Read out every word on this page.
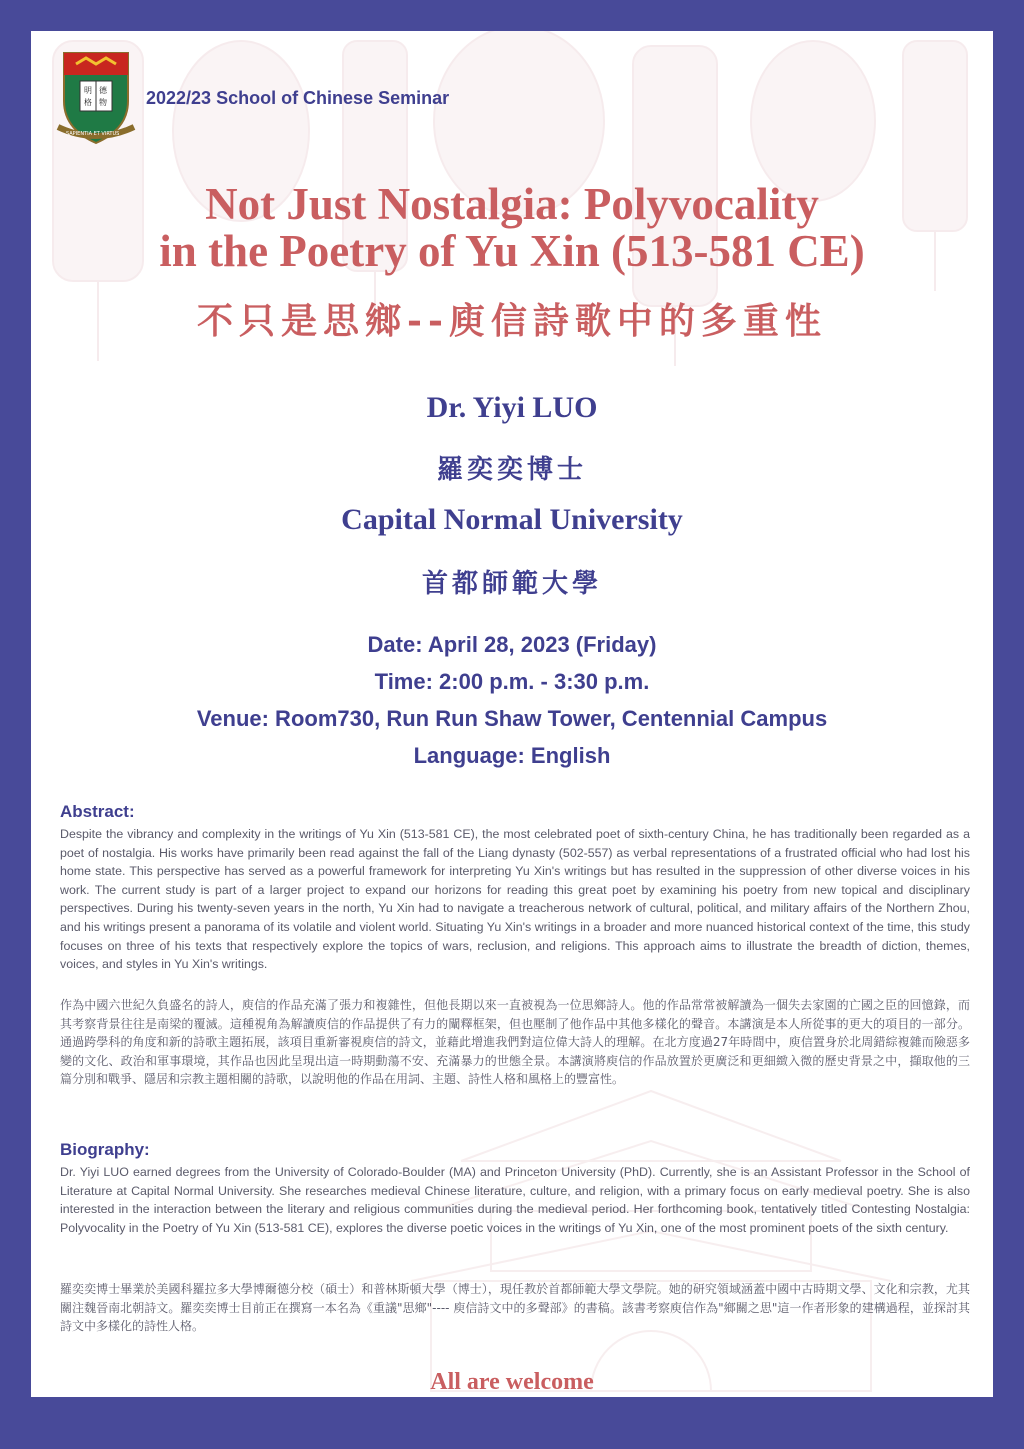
明 德
格 物
SAPIENTIA ET VIRTUS
2022/23 School of Chinese Seminar
Not Just Nostalgia: Polyvocality
in the Poetry of Yu Xin (513-581 CE)
不只是思鄉--庾信詩歌中的多重性
Dr. Yiyi LUO
羅奕奕博士
Capital Normal University
首都師範大學
Date: April 28, 2023 (Friday)
Time: 2:00 p.m. - 3:30 p.m.
Venue: Room730, Run Run Shaw Tower, Centennial Campus
Language: English
Abstract:

Despite the vibrancy and complexity in the writings of Yu Xin (513-581 CE), the most celebrated poet of sixth-century China, he has traditionally been regarded as a poet of nostalgia. His works have primarily been read against the fall of the Liang dynasty (502-557) as verbal representations of a frustrated official who had lost his home state. This perspective has served as a powerful framework for interpreting Yu Xin's writings but has resulted in the suppression of other diverse voices in his work. The current study is part of a larger project to expand our horizons for reading this great poet by examining his poetry from new topical and disciplinary perspectives. During his twenty-seven years in the north, Yu Xin had to navigate a treacherous network of cultural, political, and military affairs of the Northern Zhou, and his writings present a panorama of its volatile and violent world. Situating Yu Xin's writings in a broader and more nuanced historical context of the time, this study focuses on three of his texts that respectively explore the topics of wars, reclusion, and religions. This approach aims to illustrate the breadth of diction, themes, voices, and styles in Yu Xin's writings.

作為中國六世紀久負盛名的詩人，庾信的作品充滿了張力和複雜性，但他長期以來一直被視為一位思鄉詩人。他的作品常常被解讀為一個失去家園的亡國之臣的回憶錄，而其考察背景往往是南梁的覆滅。這種視角為解讀庾信的作品提供了有力的闡釋框架，但也壓制了他作品中其他多樣化的聲音。本講演是本人所從事的更大的項目的一部分。通過跨學科的角度和新的詩歌主題拓展，該項目重新審視庾信的詩文，並藉此增進我們對這位偉大詩人的理解。在北方度過27年時間中，庾信置身於北周錯綜複雜而險惡多變的文化、政治和軍事環境，其作品也因此呈現出這一時期動蕩不安、充滿暴力的世態全景。本講演將庾信的作品放置於更廣泛和更細緻入微的歷史背景之中，擷取他的三篇分別和戰爭、隱居和宗教主題相關的詩歌，以說明他的作品在用詞、主題、詩性人格和風格上的豐富性。

Biography:

Dr. Yiyi LUO earned degrees from the University of Colorado-Boulder (MA) and Princeton University (PhD). Currently, she is an Assistant Professor in the School of Literature at Capital Normal University. She researches medieval Chinese literature, culture, and religion, with a primary focus on early medieval poetry. She is also interested in the interaction between the literary and religious communities during the medieval period. Her forthcoming book, tentatively titled Contesting Nostalgia: Polyvocality in the Poetry of Yu Xin (513-581 CE), explores the diverse poetic voices in the writings of Yu Xin, one of the most prominent poets of the sixth century.

羅奕奕博士畢業於美國科羅拉多大學博爾德分校（碩士）和普林斯頓大學（博士），現任教於首都師範大學文學院。她的研究領域涵蓋中國中古時期文學、文化和宗教，尤其關注魏晉南北朝詩文。羅奕奕博士目前正在撰寫一本名為《重議"思鄉"---- 庾信詩文中的多聲部》的書稿。該書考察庾信作為"鄉關之思"這一作者形象的建構過程，並探討其詩文中多樣化的詩性人格。

All are welcome
